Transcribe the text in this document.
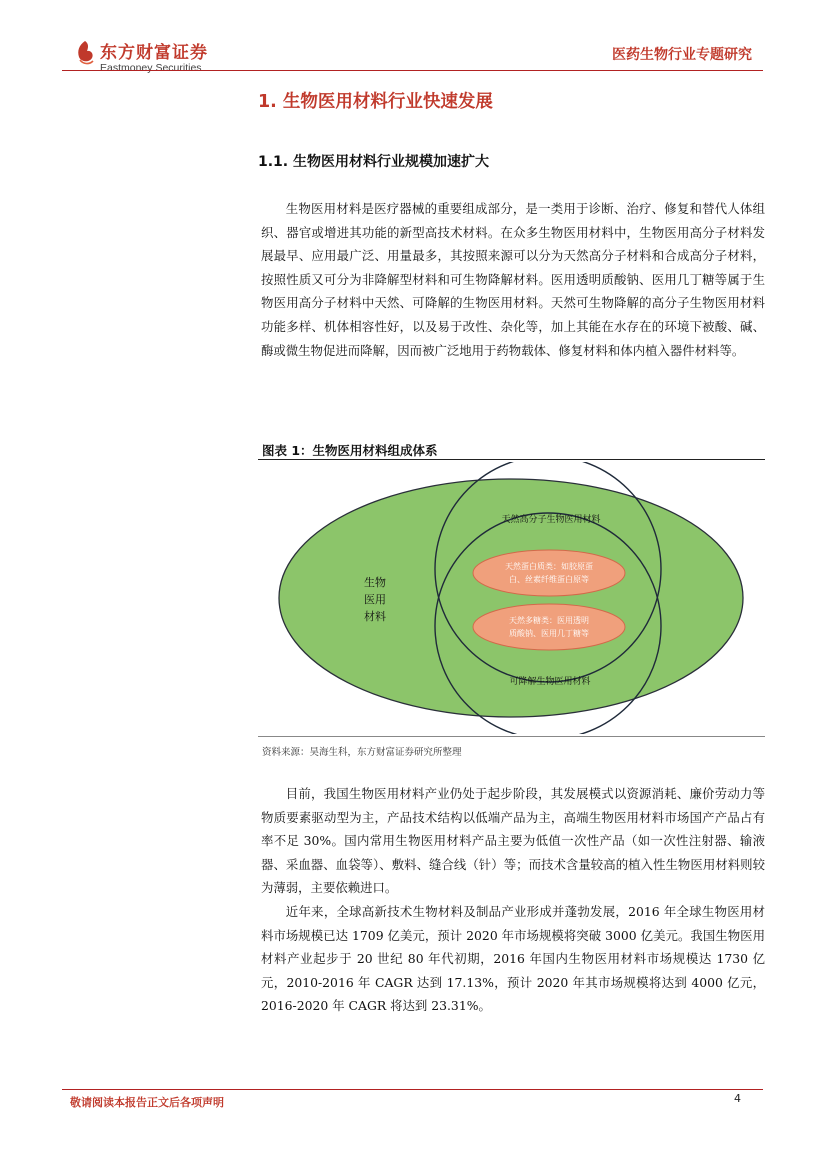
东方财富证券
Eastmoney Securities
医药生物行业专题研究
1. 生物医用材料行业快速发展
1.1. 生物医用材料行业规模加速扩大

生物医用材料是医疗器械的重要组成部分，是一类用于诊断、治疗、修复和替代人体组织、器官或增进其功能的新型高技术材料。在众多生物医用材料中，生物医用高分子材料发展最早、应用最广泛、用量最多，其按照来源可以分为天然高分子材料和合成高分子材料，按照性质又可分为非降解型材料和可生物降解材料。医用透明质酸钠、医用几丁糖等属于生物医用高分子材料中天然、可降解的生物医用材料。天然可生物降解的高分子生物医用材料功能多样、机体相容性好，以及易于改性、杂化等，加上其能在水存在的环境下被酸、碱、酶或微生物促进而降解，因而被广泛地用于药物载体、修复材料和体内植入器件材料等。

图表 1：生物医用材料组成体系
生物
医用
材料
天然高分子生物医用材料
可降解生物医用材料
天然蛋白质类：如胶原蛋
白、丝素纤维蛋白原等
天然多糖类：医用透明
质酸钠、医用几丁糖等
资料来源：昊海生科，东方财富证券研究所整理

目前，我国生物医用材料产业仍处于起步阶段，其发展模式以资源消耗、廉价劳动力等物质要素驱动型为主，产品技术结构以低端产品为主，高端生物医用材料市场国产产品占有率不足 30%。国内常用生物医用材料产品主要为低值一次性产品（如一次性注射器、输液器、采血器、血袋等）、敷料、缝合线（针）等；而技术含量较高的植入性生物医用材料则较为薄弱，主要依赖进口。

近年来，全球高新技术生物材料及制品产业形成并蓬勃发展，2016 年全球生物医用材料市场规模已达 1709 亿美元，预计 2020 年市场规模将突破 3000 亿美元。我国生物医用材料产业起步于 20 世纪 80 年代初期，2016 年国内生物医用材料市场规模达 1730 亿元，2010-2016 年 CAGR 达到 17.13%，预计 2020 年其市场规模将达到 4000 亿元，2016-2020 年 CAGR 将达到 23.31%。

敬请阅读本报告正文后各项声明	4
